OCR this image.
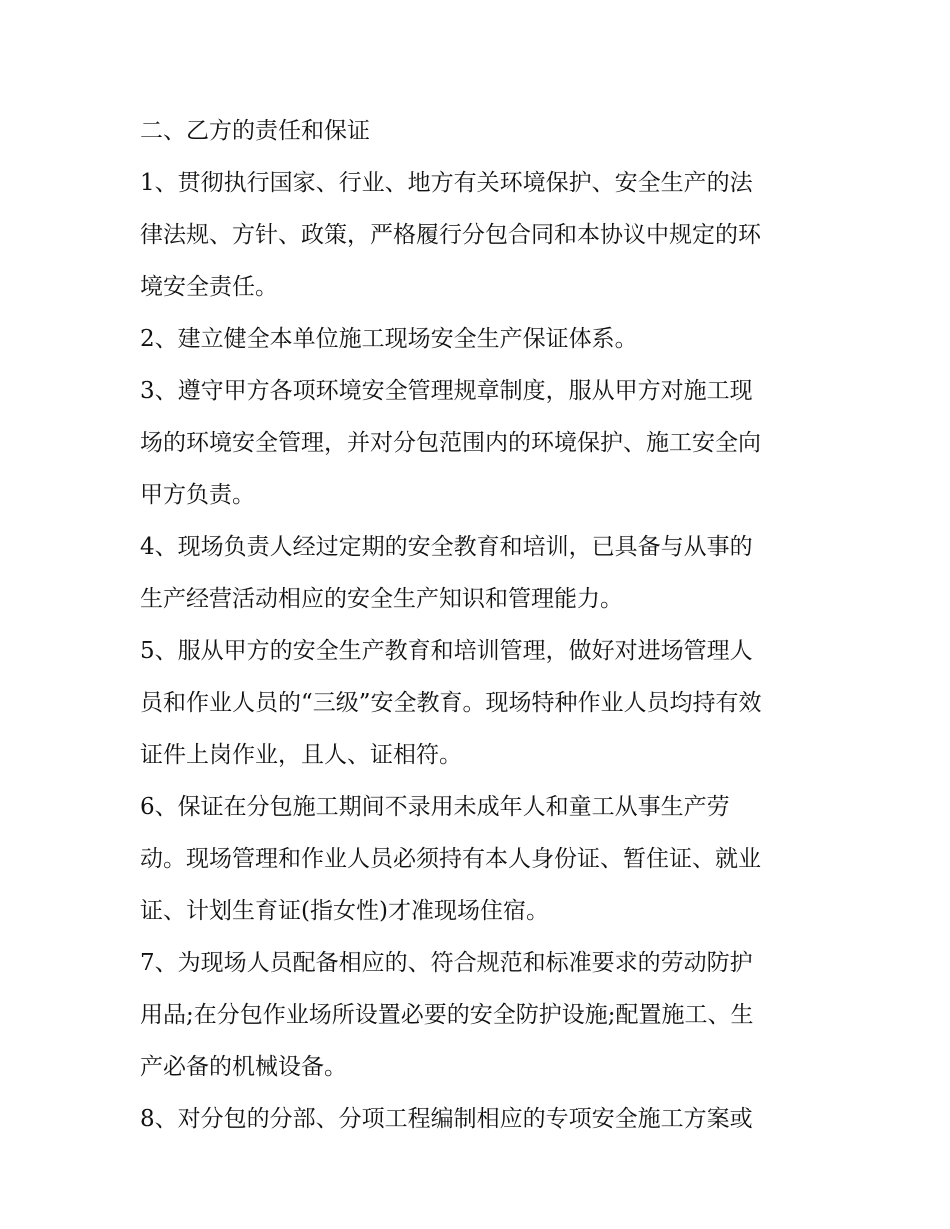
二、乙方的责任和保证
1、贯彻执行国家、行业、地方有关环境保护、安全生产的法
律法规、方针、政策，严格履行分包合同和本协议中规定的环
境安全责任。
2、建立健全本单位施工现场安全生产保证体系。
3、遵守甲方各项环境安全管理规章制度，服从甲方对施工现
场的环境安全管理，并对分包范围内的环境保护、施工安全向
甲方负责。
4、现场负责人经过定期的安全教育和培训，已具备与从事的
生产经营活动相应的安全生产知识和管理能力。
5、服从甲方的安全生产教育和培训管理，做好对进场管理人
员和作业人员的“三级”安全教育。现场特种作业人员均持有效
证件上岗作业，且人、证相符。
6、保证在分包施工期间不录用未成年人和童工从事生产劳
动。现场管理和作业人员必须持有本人身份证、暂住证、就业
证、计划生育证(指女性)才准现场住宿。
7、为现场人员配备相应的、符合规范和标准要求的劳动防护
用品;在分包作业场所设置必要的安全防护设施;配置施工、生
产必备的机械设备。
8、对分包的分部、分项工程编制相应的专项安全施工方案或
